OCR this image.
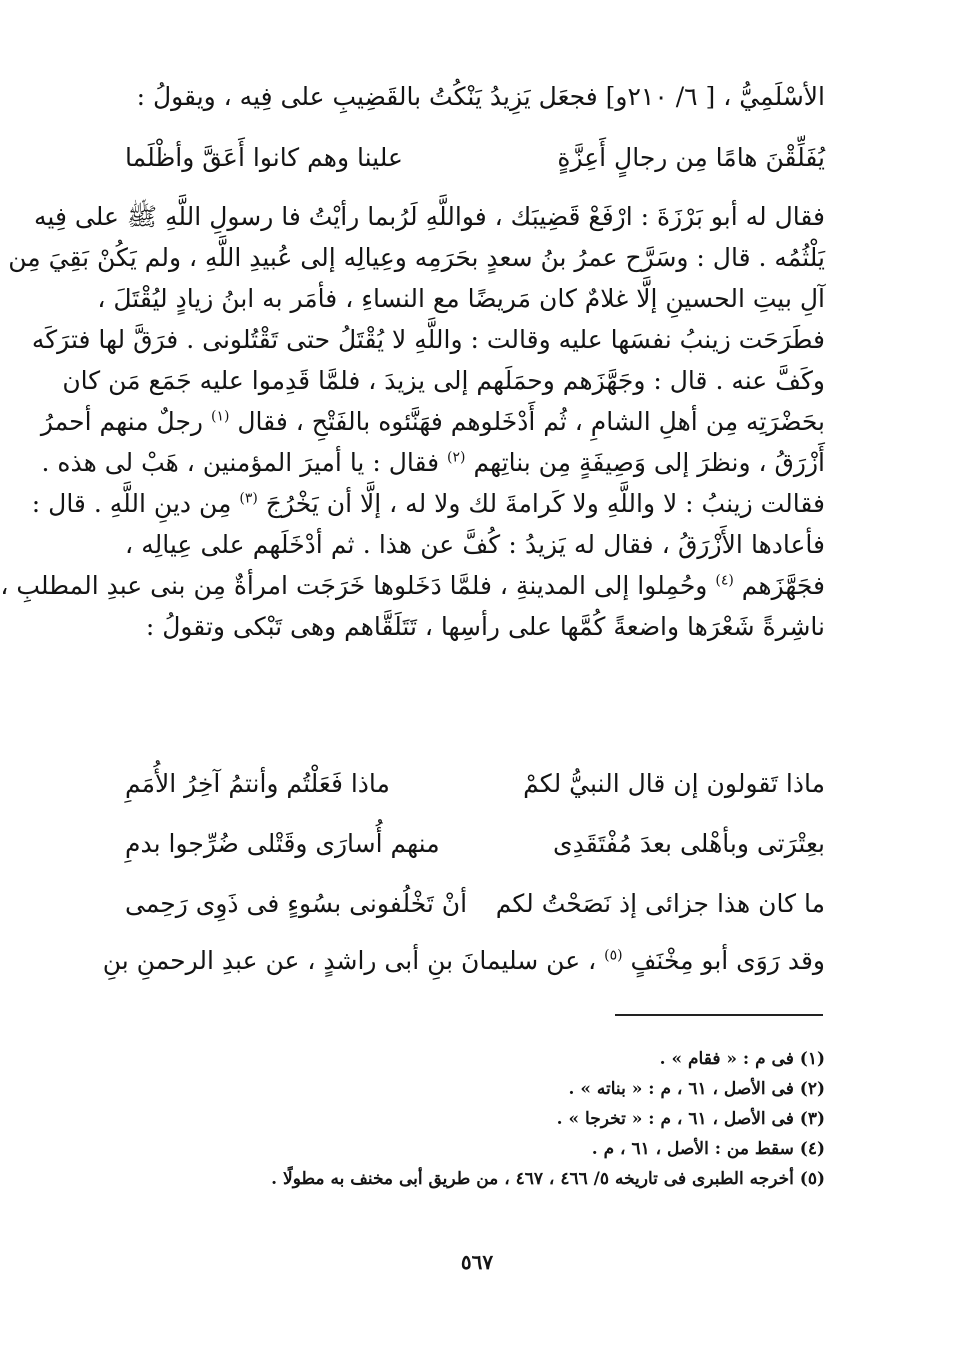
الأسْلَمِيُّ ، [ ٦/ ٢١٠و] فجعَل يَزِيدُ يَنْكُتُ بالقَضِيبِ على فِيه ، ويقولُ :
يُفَلِّقْنَ هامًا مِن رجالٍ أَعِزَّةٍ
علينا وهم كانوا أَعَقَّ وأظْلَما
فقال له أبو بَرْزَةَ : ارْفَعْ قَضِيبَك ، فواللَّهِ لَرُبما رأيْتُ فا رسولِ اللَّهِ ﷺ على فِيه
يَلْثُمُه . قال : وسَرَّح عمرُ بنُ سعدٍ بحَرَمِه وعِيالِه إلى عُبيدِ اللَّهِ ، ولم يَكُنْ بَقِيَ مِن
آلِ بيتِ الحسينِ إلَّا غلامٌ كان مَريضًا مع النساءِ ، فأمَر به ابنُ زيادٍ ليُقْتَلَ ،
فطَرَحَت زينبُ نفسَها عليه وقالت : واللَّهِ لا يُقْتَلُ حتى تَقْتُلونى . فرَقَّ لها فترَكَه
وكَفَّ عنه . قال : وجَهَّزَهم وحمَلَهم إلى يزيدَ ، فلمَّا قَدِموا عليه جَمَع مَن كان
بحَضْرَتِه مِن أهلِ الشامِ ، ثُم أَدْخَلوهم فهَنَّئوه بالفَتْحِ ، فقال $^{(١)}$ رجلٌ منهم أحمرُ
أَزْرَقُ ، ونظرَ إلى وَصِيفَةٍ مِن بناتِهم $^{(٢)}$ فقال : يا أميرَ المؤمنين ، هَبْ لى هذه .
فقالت زينبُ : لا واللَّهِ ولا كَرامةَ لك ولا له ، إلَّا أن يَخْرُجَ $^{(٣)}$ مِن دينِ اللَّهِ . قال :
فأعادها الأَزْرَقُ ، فقال له يَزيدُ : كُفَّ عن هذا . ثم أدْخَلَهم على عِيالِه ،
فجَهَّزَهم $^{(٤)}$ وحُمِلوا إلى المدينةِ ، فلمَّا دَخَلوها خَرَجَت امرأةٌ مِن بنى عبدِ المطلبِ ،
ناشِرةً شَعْرَها واضعةً كُمَّها على رأسِها ، تَتَلَقَّاهم وهى تَبْكى وتقولُ :
ماذا تَقولون إن قال النبيُّ لكمْ
ماذا فَعَلْتُم وأنتمُ آخِرُ الأُمَمِ
بعِتْرَتى وبأهْلى بعدَ مُفْتَقَدِى
منهم أُسارَى وقَتْلى ضُرِّجوا بدمِ
ما كان هذا جزائى إذ نَصَحْتُ لكم
أنْ تَخْلُفونى بسُوءٍ فى ذَوِى رَحِمى
وقد رَوَى أبو مِخْنَفٍ $^{(٥)}$ ، عن سليمانَ بنِ أبى راشدٍ ، عن عبدِ الرحمنِ بنِ
(١) فى م : « فقام » .
(٢) فى الأصل ، ٦١ ، م : « بناته » .
(٣) فى الأصل ، ٦١ ، م : « تخرجا » .
(٤) سقط من : الأصل ، ٦١ ، م .
(٥) أخرجه الطبرى فى تاريخه ٥/ ٤٦٦ ، ٤٦٧ ، من طريق أبى مخنف به مطولًا .
٥٦٧
